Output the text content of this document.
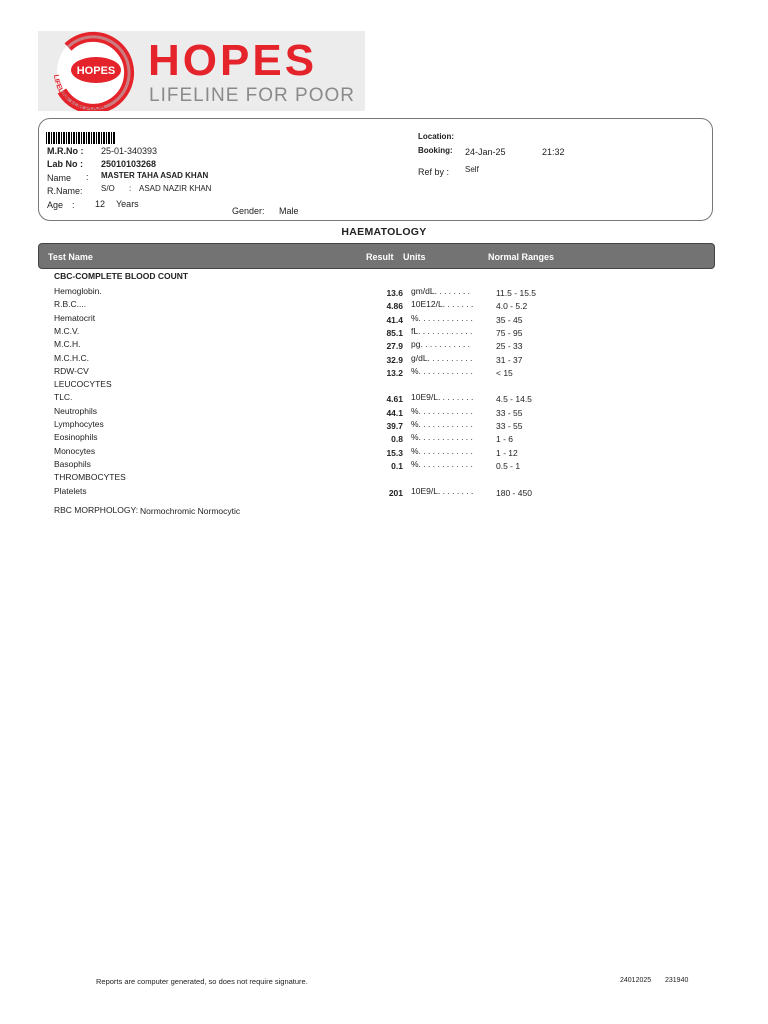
HOPES
LIFELINE FOR POOR
HOPES
LIFELINE FOR POOR
M.R.No : 25-01-340393
Lab No : 25010103268
Name : MASTER TAHA ASAD KHAN
R.Name: S/O : ASAD NAZIR KHAN
Age : 12 Years
Gender: Male
Location:
Booking: 24-Jan-25	21:32
Ref by : Self
HAEMATOLOGY
Test Name	Result Units	Normal Ranges
CBC-COMPLETE BLOOD COUNT
Hemoglobin.	13.6 gm/dL. . . . . . . .	11.5 - 15.5
R.B.C....	4.86 10E12/L. . . . . . .	4.0 - 5.2
Hematocrit	41.4 %. . . . . . . . . . . .	35 - 45
M.C.V.	85.1 fL. . . . . . . . . . . .	75 - 95
M.C.H.	27.9 pg. . . . . . . . . . .	25 - 33
M.C.H.C.	32.9 g/dL. . . . . . . . . .	31 - 37
RDW-CV	13.2 %. . . . . . . . . . . .	< 15
LEUCOCYTES
TLC.	4.61 10E9/L. . . . . . . .	4.5 - 14.5
Neutrophils	44.1 %. . . . . . . . . . . .	33 - 55
Lymphocytes	39.7 %. . . . . . . . . . . .	33 - 55
Eosinophils	0.8 %. . . . . . . . . . . .	1 - 6
Monocytes	15.3 %. . . . . . . . . . . .	1 - 12
Basophils	0.1 %. . . . . . . . . . . .	0.5 - 1
THROMBOCYTES
Platelets	201 10E9/L. . . . . . . .	180 - 450
RBC MORPHOLOGY: Normochromic Normocytic
Reports are computer generated, so does not require signature.	24012025 231940
